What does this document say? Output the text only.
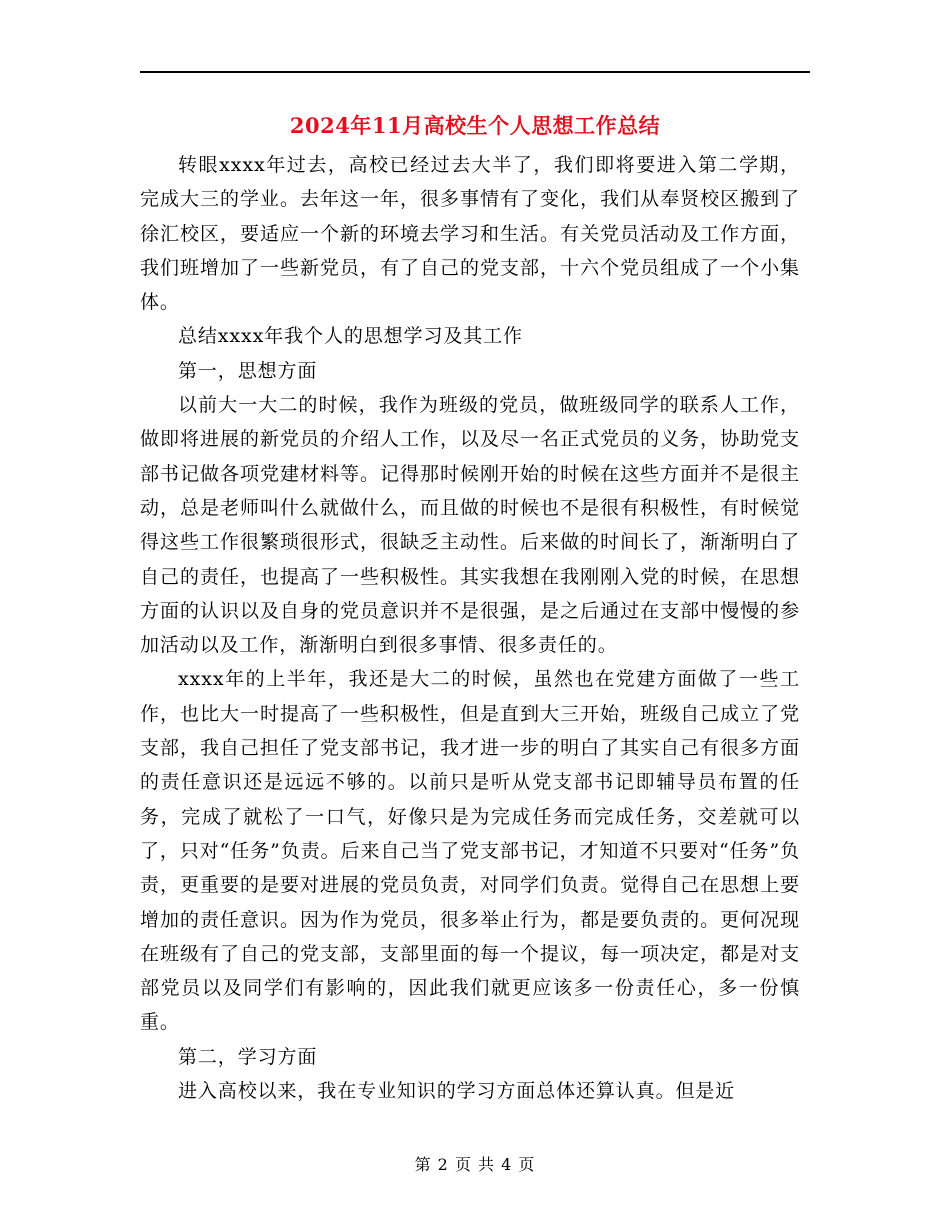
2024年11月高校生个人思想工作总结

转眼xxxx年过去，高校已经过去大半了，我们即将要进入第二学期，完成大三的学业。去年这一年，很多事情有了变化，我们从奉贤校区搬到了徐汇校区，要适应一个新的环境去学习和生活。有关党员活动及工作方面，我们班增加了一些新党员，有了自己的党支部，十六个党员组成了一个小集体。

总结xxxx年我个人的思想学习及其工作

第一，思想方面

以前大一大二的时候，我作为班级的党员，做班级同学的联系人工作，做即将进展的新党员的介绍人工作，以及尽一名正式党员的义务，协助党支部书记做各项党建材料等。记得那时候刚开始的时候在这些方面并不是很主动，总是老师叫什么就做什么，而且做的时候也不是很有积极性，有时候觉得这些工作很繁琐很形式，很缺乏主动性。后来做的时间长了，渐渐明白了自己的责任，也提高了一些积极性。其实我想在我刚刚入党的时候，在思想方面的认识以及自身的党员意识并不是很强，是之后通过在支部中慢慢的参加活动以及工作，渐渐明白到很多事情、很多责任的。

xxxx年的上半年，我还是大二的时候，虽然也在党建方面做了一些工作，也比大一时提高了一些积极性，但是直到大三开始，班级自己成立了党支部，我自己担任了党支部书记，我才进一步的明白了其实自己有很多方面的责任意识还是远远不够的。以前只是听从党支部书记即辅导员布置的任务，完成了就松了一口气，好像只是为完成任务而完成任务，交差就可以了，只对“任务”负责。后来自己当了党支部书记，才知道不只要对“任务”负责，更重要的是要对进展的党员负责，对同学们负责。觉得自己在思想上要增加的责任意识。因为作为党员，很多举止行为，都是要负责的。更何况现在班级有了自己的党支部，支部里面的每一个提议，每一项决定，都是对支部党员以及同学们有影响的，因此我们就更应该多一份责任心，多一份慎重。

第二，学习方面

进入高校以来，我在专业知识的学习方面总体还算认真。但是近

第 2 页 共 4 页
